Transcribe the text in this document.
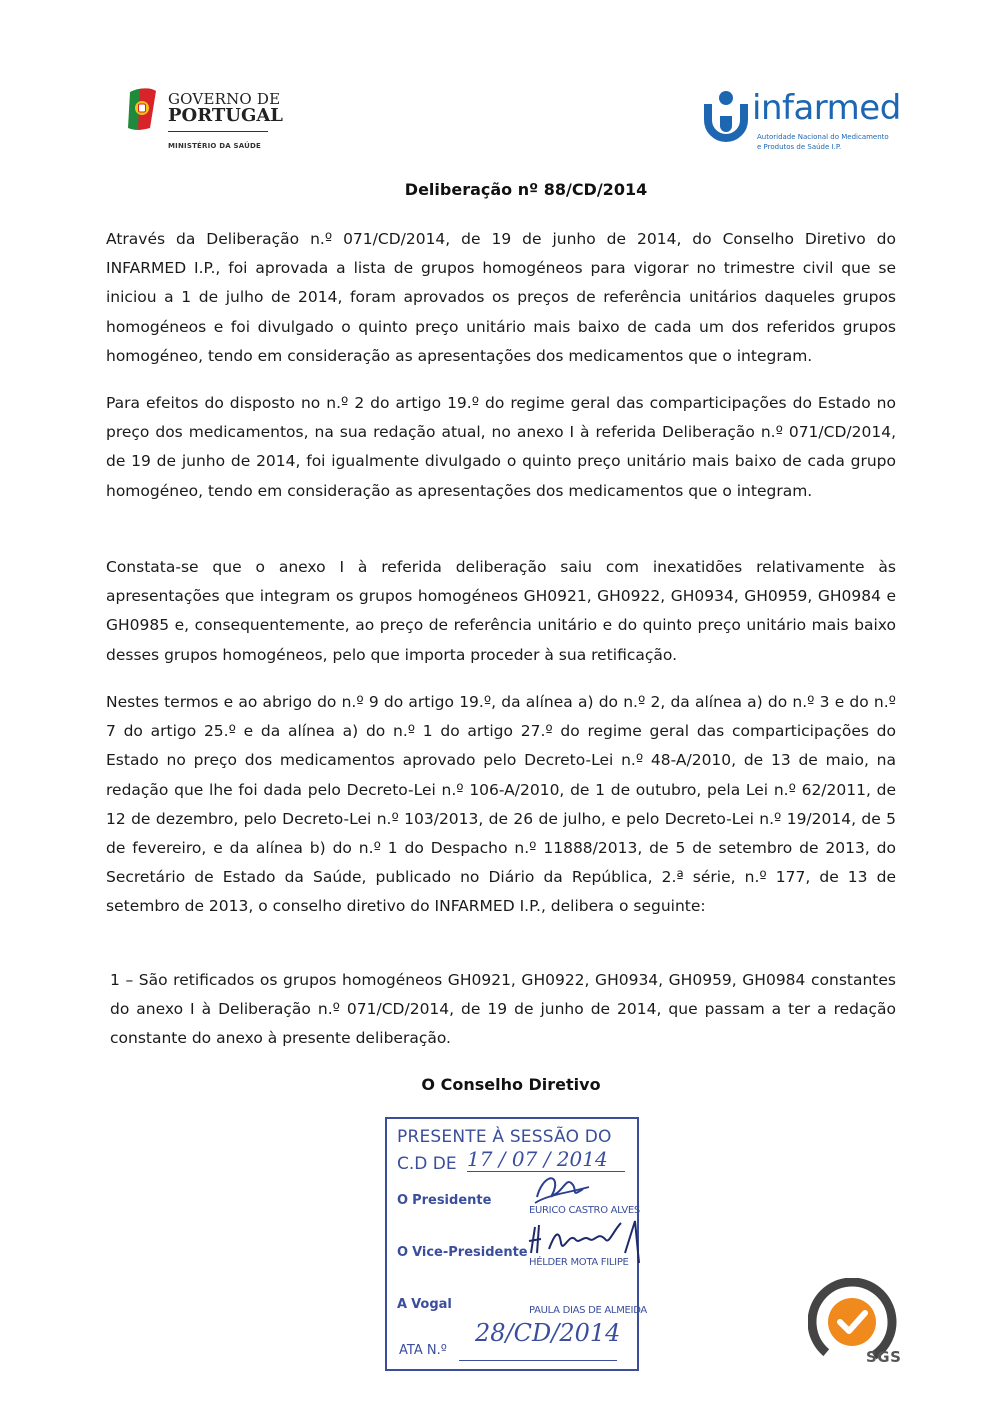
GOVERNO DE
PORTUGAL
MINISTÉRIO DA SAÚDE
infarmed
Autoridade Nacional do Medicamento
e Produtos de Saúde I.P.
Deliberação nº 88/CD/2014

Através da Deliberação n.º 071/CD/2014, de 19 de junho de 2014, do Conselho Diretivo do INFARMED I.P., foi aprovada a lista de grupos homogéneos para vigorar no trimestre civil que se iniciou a 1 de julho de 2014, foram aprovados os preços de referência unitários daqueles grupos homogéneos e foi divulgado o quinto preço unitário mais baixo de cada um dos referidos grupos homogéneo, tendo em consideração as apresentações dos medicamentos que o integram.

Para efeitos do disposto no n.º 2 do artigo 19.º do regime geral das comparticipações do Estado no preço dos medicamentos, na sua redação atual, no anexo I à referida Deliberação n.º 071/CD/2014, de 19 de junho de 2014, foi igualmente divulgado o quinto preço unitário mais baixo de cada grupo homogéneo, tendo em consideração as apresentações dos medicamentos que o integram.

Constata-se que o anexo I à referida deliberação saiu com inexatidões relativamente às apresentações que integram os grupos homogéneos GH0921, GH0922, GH0934, GH0959, GH0984 e GH0985 e, consequentemente, ao preço de referência unitário e do quinto preço unitário mais baixo desses grupos homogéneos, pelo que importa proceder à sua retificação.

Nestes termos e ao abrigo do n.º 9 do artigo 19.º, da alínea a) do n.º 2, da alínea a) do n.º 3 e do n.º 7 do artigo 25.º e da alínea a) do n.º 1 do artigo 27.º do regime geral das comparticipações do Estado no preço dos medicamentos aprovado pelo Decreto-Lei n.º 48-A/2010, de 13 de maio, na redação que lhe foi dada pelo Decreto-Lei n.º 106-A/2010, de 1 de outubro, pela Lei n.º 62/2011, de 12 de dezembro, pelo Decreto-Lei n.º 103/2013, de 26 de julho, e pelo Decreto-Lei n.º 19/2014, de 5 de fevereiro, e da alínea b) do n.º 1 do Despacho n.º 11888/2013, de 5 de setembro de 2013, do Secretário de Estado da Saúde, publicado no Diário da República, 2.ª série, n.º 177, de 13 de setembro de 2013, o conselho diretivo do INFARMED I.P., delibera o seguinte:

1 – São retificados os grupos homogéneos GH0921, GH0922, GH0934, GH0959, GH0984 constantes do anexo I à Deliberação n.º 071/CD/2014, de 19 de junho de 2014, que passam a ter a redação constante do anexo à presente deliberação.

O Conselho Diretivo
PRESENTE À SESSÃO DO
C.D DE 17 / 07 / 2014
O Presidente
EURICO CASTRO ALVES
O Vice-Presidente
HÉLDER MOTA FILIPE
A Vogal	PAULA DIAS DE ALMEIDA
ATA N.º
28/CD/2014
SGS
